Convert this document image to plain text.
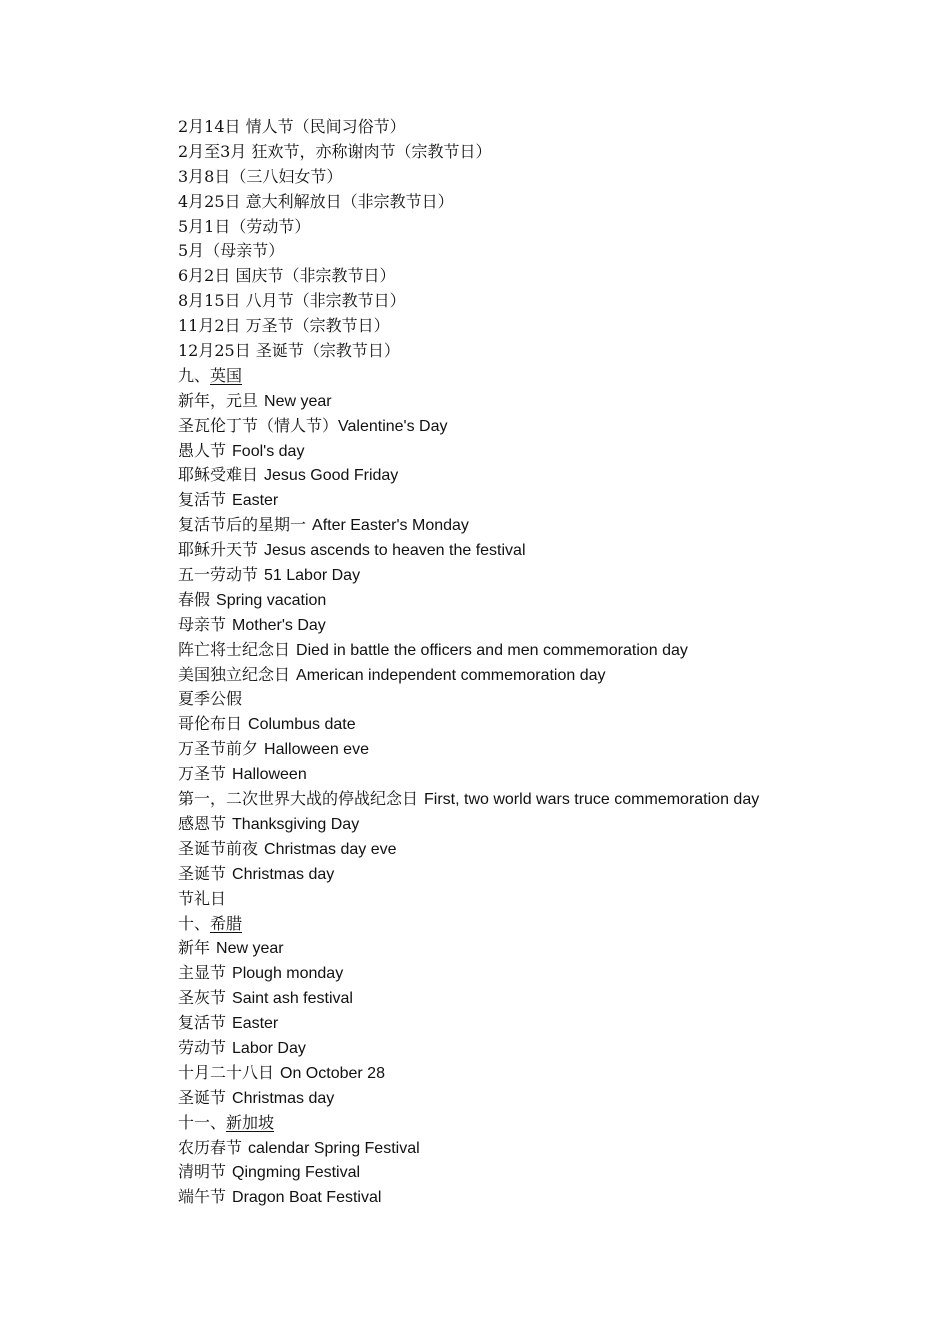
2月14日 情人节（民间习俗节）
2月至3月 狂欢节，亦称谢肉节（宗教节日）
3月8日（三八妇女节）
4月25日 意大利解放日（非宗教节日）
5月1日（劳动节）
5月（母亲节）
6月2日 国庆节（非宗教节日）
8月15日 八月节（非宗教节日）
11月2日 万圣节（宗教节日）
12月25日 圣诞节（宗教节日）
九、英国
新年，元旦 New year
圣瓦伦丁节（情人节）Valentine's Day
愚人节 Fool's day
耶稣受难日 Jesus Good Friday
复活节 Easter
复活节后的星期一 After Easter's Monday
耶稣升天节 Jesus ascends to heaven the festival
五一劳动节 51 Labor Day
春假 Spring vacation
母亲节 Mother's Day
阵亡将士纪念日 Died in battle the officers and men commemoration day
美国独立纪念日 American independent commemoration day
夏季公假
哥伦布日 Columbus date
万圣节前夕 Halloween eve
万圣节 Halloween
第一，二次世界大战的停战纪念日 First, two world wars truce commemoration day
感恩节 Thanksgiving Day
圣诞节前夜 Christmas day eve
圣诞节 Christmas day
节礼日
十、希腊
新年 New year
主显节 Plough monday
圣灰节 Saint ash festival
复活节 Easter
劳动节 Labor Day
十月二十八日 On October 28
圣诞节 Christmas day
十一、新加坡
农历春节 calendar Spring Festival
清明节 Qingming Festival
端午节 Dragon Boat Festival
